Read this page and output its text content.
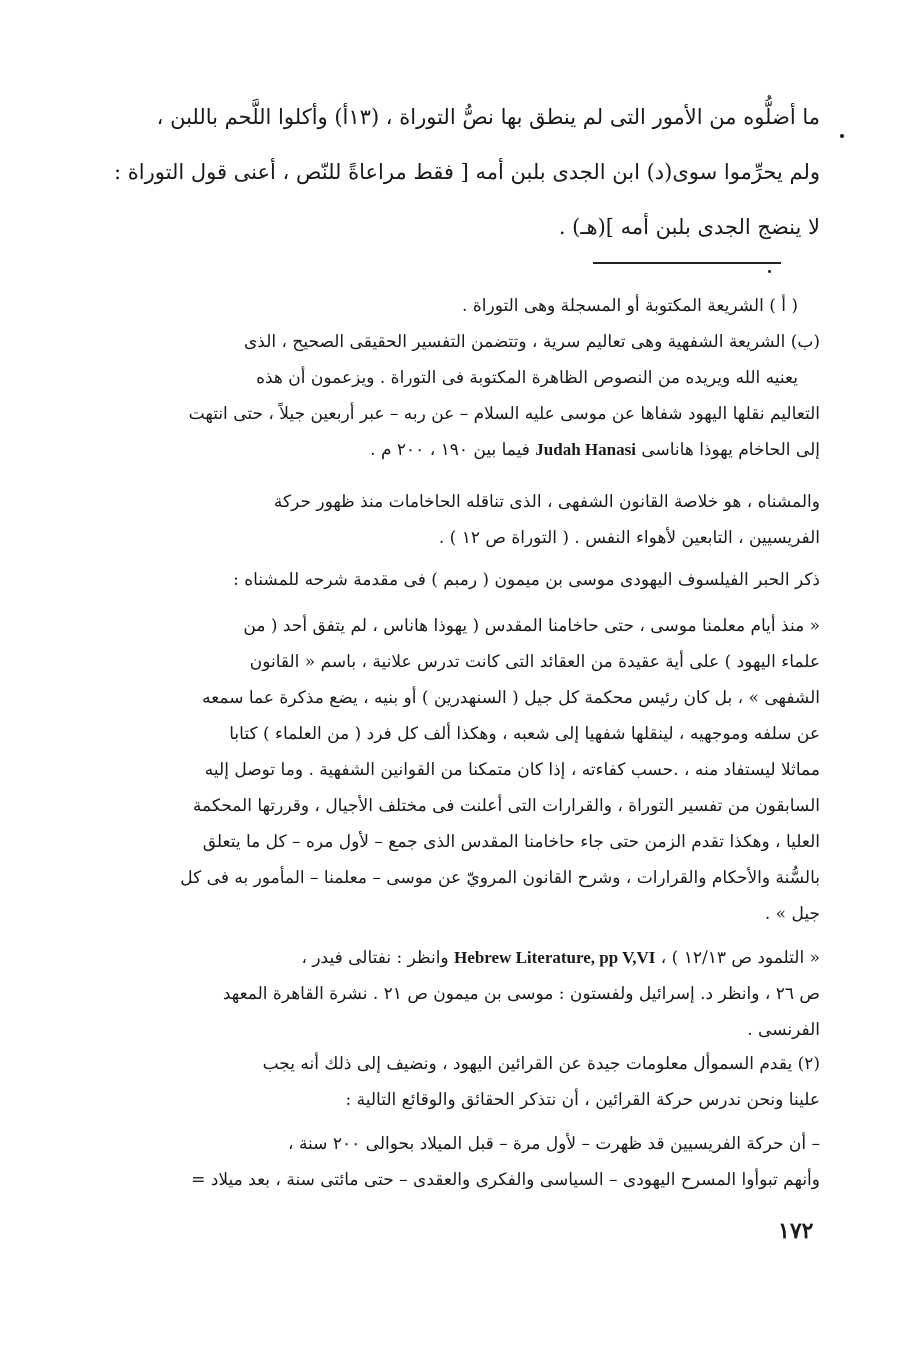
ما أضلُّوه من الأمور التى لم ينطق بها نصُّ التوراة ، (١٣أ) وأكلوا اللَّحم باللبن ،
ولم يحرِّموا سوى(د) ابن الجدى بلبن أمه [ فقط مراعاةً للنّص ، أعنى قول التوراة :
لا ينضج الجدى بلبن أمه ](هـ) .
( أ ) الشريعة المكتوبة أو المسجلة وهى التوراة .
(ب) الشريعة الشفهية وهى تعاليم سرية ، وتتضمن التفسير الحقيقى الصحيح ، الذى
يعنيه الله ويريده من النصوص الظاهرة المكتوبة فى التوراة . ويزعمون أن هذه
التعاليم نقلها اليهود شفاها عن موسى عليه السلام – عن ربه – عبر أربعين جيلاً ، حتى انتهت
إلى الحاخام يهوذا هاناسى Judah Hanasi فيما بين ١٩٠ ، ٢٠٠ م .
والمشناه ، هو خلاصة القانون الشفهى ، الذى تناقله الحاخامات منذ ظهور حركة
الفريسيين ، التابعين لأهواء النفس . ( التوراة ص ١٢ ) .
ذكر الحبر الفيلسوف اليهودى موسى بن ميمون ( رمبم ) فى مقدمة شرحه للمشناه :
« منذ أيام معلمنا موسى ، حتى حاخامنا المقدس ( يهوذا هاناس ، لم يتفق أحد ( من
علماء اليهود ) على أية عقيدة من العقائد التى كانت تدرس علانية ، باسم « القانون
الشفهى » ، بل كان رئيس محكمة كل جيل ( السنهدرين ) أو بنيه ، يضع مذكرة عما سمعه
عن سلفه وموجهيه ، لينقلها شفهيا إلى شعبه ، وهكذا ألف كل فرد ( من العلماء ) كتابا
مماثلا ليستفاد منه ، .حسب كفاءته ، إذا كان متمكنا من القوانين الشفهية . وما توصل إليه
السابقون من تفسير التوراة ، والقرارات التى أعلنت فى مختلف الأجيال ، وقررتها المحكمة
العليا ، وهكذا تقدم الزمن حتى جاء حاخامنا المقدس الذى جمع – لأول مره – كل ما يتعلق
بالسُّنة والأحكام والقرارات ، وشرح القانون المرويّ عن موسى – معلمنا – المأمور به فى كل
جيل » .
« التلمود ص ١٢/١٣ ) ، Hebrew Literature, pp V,VI وانظر : نفتالى فيدر ،
ص ٢٦ ، وانظر د. إسرائيل ولفستون : موسى بن ميمون ص ٢١ . نشرة القاهرة المعهد
الفرنسى .
(٢) يقدم السموأل معلومات جيدة عن القرائين اليهود ، ونضيف إلى ذلك أنه يجب
علينا ونحن ندرس حركة القرائين ، أن نتذكر الحقائق والوقائع التالية :
– أن حركة الفريسيين قد ظهرت – لأول مرة – قبل الميلاد بحوالى ٢٠٠ سنة ،
وأنهم تبوأوا المسرح اليهودى – السياسى والفكرى والعقدى – حتى مائتى سنة ، بعد ميلاد =
١٧٢
